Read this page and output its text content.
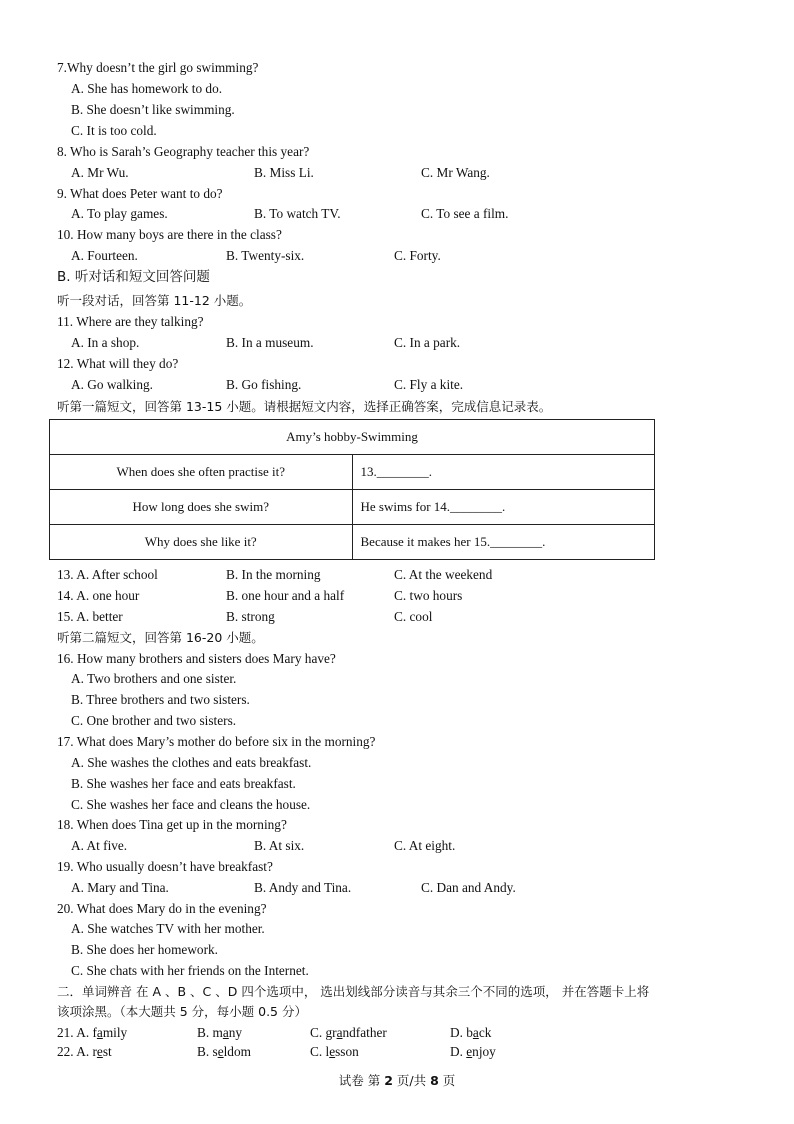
7.Why doesn’t the girl go swimming?
A. She has homework to do.
B. She doesn’t like swimming.
C. It is too cold.
8. Who is Sarah’s Geography teacher this year?
A. Mr Wu.	B. Miss Li.	C. Mr Wang.
9. What does Peter want to do?
A. To play games.	B. To watch TV.	C. To see a film.
10. How many boys are there in the class?
A. Fourteen.	B. Twenty-six.	C. Forty.
B. 听对话和短文回答问题
听一段对话，回答第 11-12 小题。
11. Where are they talking?
A. In a shop.	B. In a museum.	C. In a park.
12. What will they do?
A. Go walking.	B. Go fishing.	C. Fly a kite.
听第一篇短文，回答第 13-15 小题。请根据短文内容，选择正确答案，完成信息记录表。
Amy’s hobby-Swimming	
When does she often practise it?	13.________.
How long does she swim?	He swims for 14.________.
Why does she like it?	Because it makes her 15.________.
13. A. After school	B. In the morning	C. At the weekend
14. A. one hour	B. one hour and a half	C. two hours
15. A. better	B. strong	C. cool
听第二篇短文，回答第 16-20 小题。
16. How many brothers and sisters does Mary have?
A. Two brothers and one sister.
B. Three brothers and two sisters.
C. One brother and two sisters.
17. What does Mary’s mother do before six in the morning?
A. She washes the clothes and eats breakfast.
B. She washes her face and eats breakfast.
C. She washes her face and cleans the house.
18. When does Tina get up in the morning?
A. At five.	B. At six.	C. At eight.
19. Who usually doesn’t have breakfast?
A. Mary and Tina.	B. Andy and Tina.	C. Dan and Andy.
20. What does Mary do in the evening?
A. She watches TV with her mother.
B. She does her homework.
C. She chats with her friends on the Internet.
二．单词辨音 在 A 、B 、C 、D 四个选项中， 选出划线部分读音与其余三个不同的选项， 并在答题卡上将
该项涂黑。（本大题共 5 分，每小题 0.5 分）
21. A. family	B. many	C. grandfather	D. back
22. A. rest	B. seldom	C. lesson	D. enjoy
试卷 第 2 页/共 8 页
